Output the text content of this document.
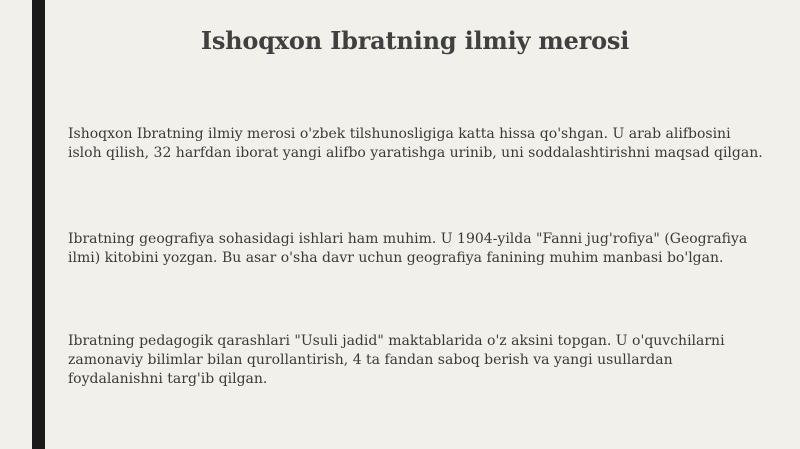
Ishoqxon Ibratning ilmiy merosi

Ishoqxon Ibratning ilmiy merosi o'zbek tilshunosligiga katta hissa qo'shgan. U arab alifbosini isloh qilish, 32 harfdan iborat yangi alifbo yaratishga urinib, uni soddalashtirishni maqsad qilgan.

Ibratning geografiya sohasidagi ishlari ham muhim. U 1904-yilda "Fanni jug'rofiya" (Geografiya ilmi) kitobini yozgan. Bu asar o'sha davr uchun geografiya fanining muhim manbasi bo'lgan.

Ibratning pedagogik qarashlari "Usuli jadid" maktablarida o'z aksini topgan. U o'quvchilarni zamonaviy bilimlar bilan qurollantirish, 4 ta fandan saboq berish va yangi usullardan foydalanishni targ'ib qilgan.
